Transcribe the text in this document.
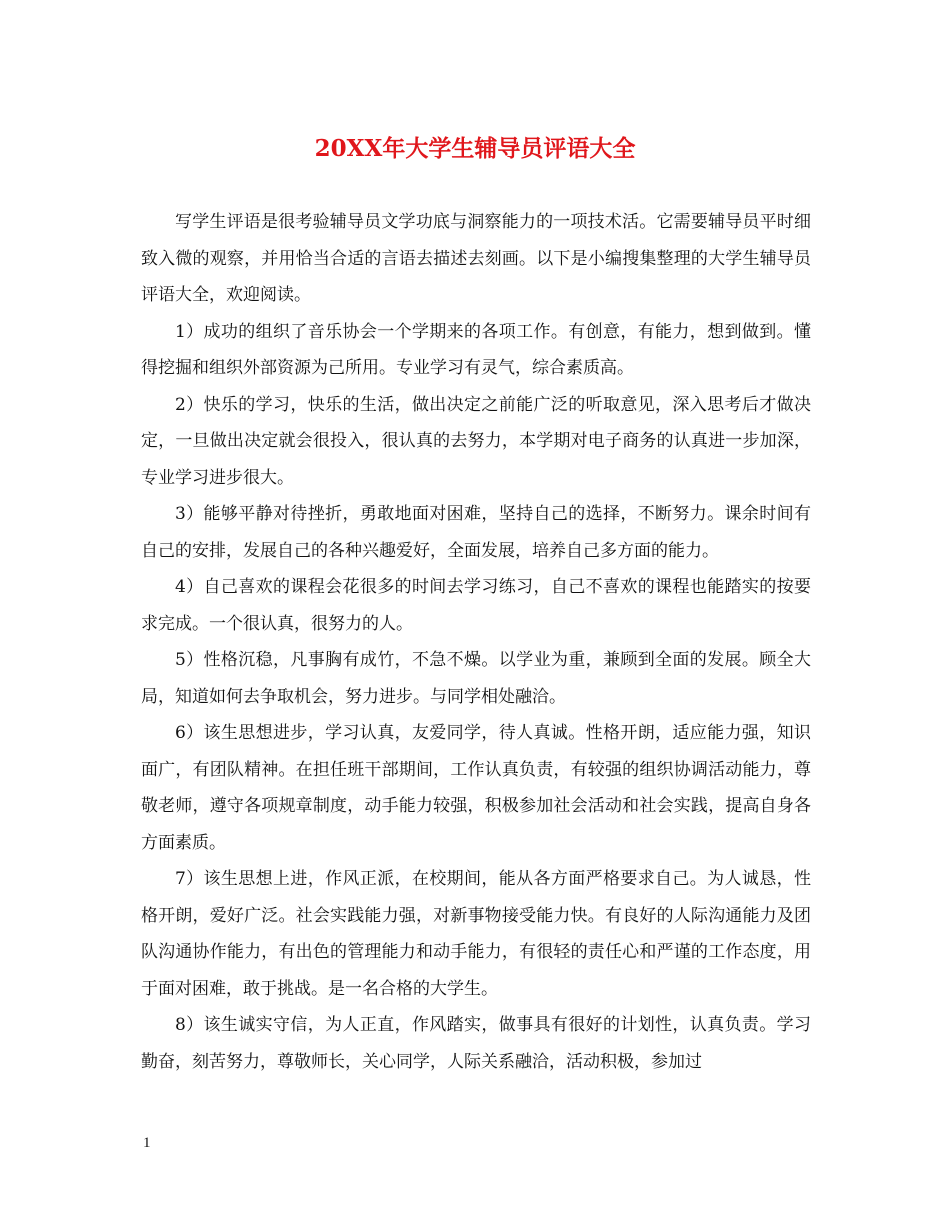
20XX年大学生辅导员评语大全

写学生评语是很考验辅导员文学功底与洞察能力的一项技术活。它需要辅导员平时细致入微的观察，并用恰当合适的言语去描述去刻画。以下是小编搜集整理的大学生辅导员评语大全，欢迎阅读。

1）成功的组织了音乐协会一个学期来的各项工作。有创意，有能力，想到做到。懂得挖掘和组织外部资源为己所用。专业学习有灵气，综合素质高。

2）快乐的学习，快乐的生活，做出决定之前能广泛的听取意见，深入思考后才做决定，一旦做出决定就会很投入，很认真的去努力，本学期对电子商务的认真进一步加深，专业学习进步很大。

3）能够平静对待挫折，勇敢地面对困难，坚持自己的选择，不断努力。课余时间有自己的安排，发展自己的各种兴趣爱好，全面发展，培养自己多方面的能力。

4）自己喜欢的课程会花很多的时间去学习练习，自己不喜欢的课程也能踏实的按要求完成。一个很认真，很努力的人。

5）性格沉稳，凡事胸有成竹，不急不燥。以学业为重，兼顾到全面的发展。顾全大局，知道如何去争取机会，努力进步。与同学相处融洽。

6）该生思想进步，学习认真，友爱同学，待人真诚。性格开朗，适应能力强，知识面广，有团队精神。在担任班干部期间，工作认真负责，有较强的组织协调活动能力，尊敬老师，遵守各项规章制度，动手能力较强，积极参加社会活动和社会实践，提高自身各方面素质。

7）该生思想上进，作风正派，在校期间，能从各方面严格要求自己。为人诚恳，性格开朗，爱好广泛。社会实践能力强，对新事物接受能力快。有良好的人际沟通能力及团队沟通协作能力，有出色的管理能力和动手能力，有很轻的责任心和严谨的工作态度，用于面对困难，敢于挑战。是一名合格的大学生。

8）该生诚实守信，为人正直，作风踏实，做事具有很好的计划性，认真负责。学习勤奋，刻苦努力，尊敬师长，关心同学，人际关系融洽，活动积极，参加过

1
